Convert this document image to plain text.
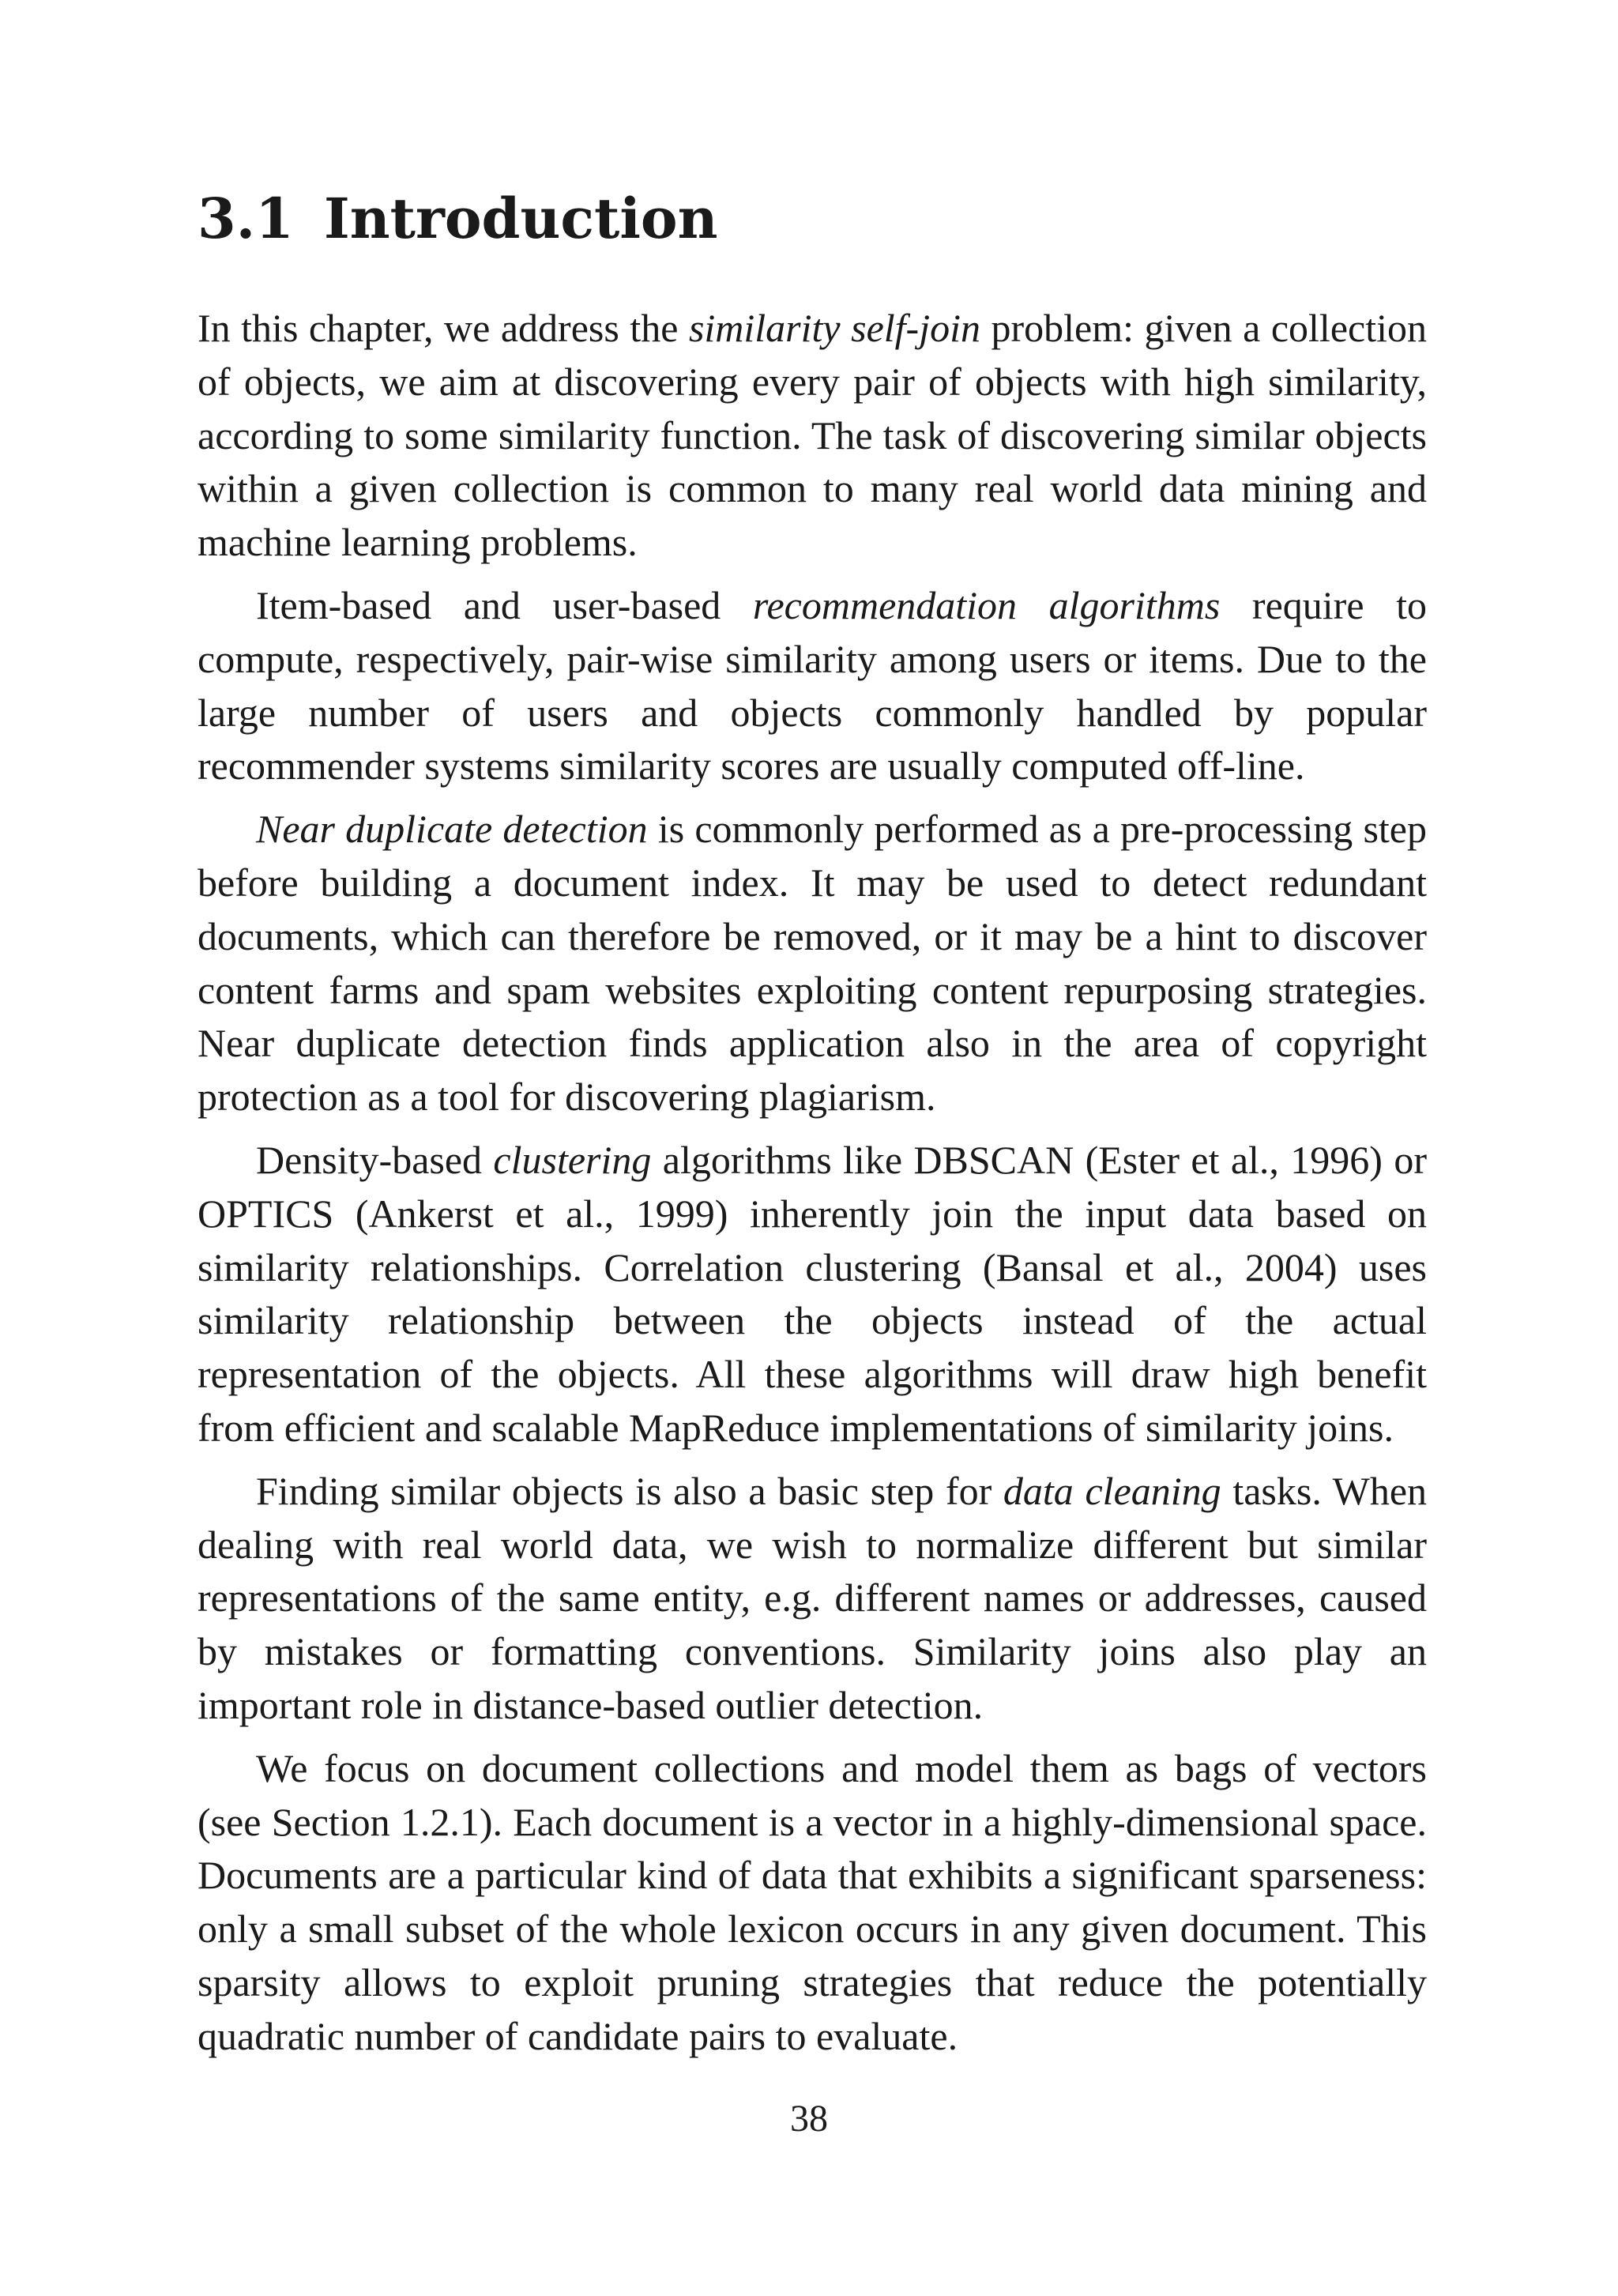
3.1 Introduction

In this chapter, we address the similarity self-join problem: given a collection of objects, we aim at discovering every pair of objects with high similarity, according to some similarity function. The task of discovering similar objects within a given collection is common to many real world data mining and machine learning problems.

Item-based and user-based recommendation algorithms require to compute, respectively, pair-wise similarity among users or items. Due to the large number of users and objects commonly handled by popular recommender systems similarity scores are usually computed off-line.

Near duplicate detection is commonly performed as a pre-processing step before building a document index. It may be used to detect redundant documents, which can therefore be removed, or it may be a hint to discover content farms and spam websites exploiting content repurposing strategies. Near duplicate detection finds application also in the area of copyright protection as a tool for discovering plagiarism.

Density-based clustering algorithms like DBSCAN (Ester et al., 1996) or OPTICS (Ankerst et al., 1999) inherently join the input data based on similarity relationships. Correlation clustering (Bansal et al., 2004) uses similarity relationship between the objects instead of the actual representation of the objects. All these algorithms will draw high benefit from efficient and scalable MapReduce implementations of similarity joins.

Finding similar objects is also a basic step for data cleaning tasks. When dealing with real world data, we wish to normalize different but similar representations of the same entity, e.g. different names or addresses, caused by mistakes or formatting conventions. Similarity joins also play an important role in distance-based outlier detection.

We focus on document collections and model them as bags of vectors (see Section 1.2.1). Each document is a vector in a highly-dimensional space. Documents are a particular kind of data that exhibits a significant sparseness: only a small subset of the whole lexicon occurs in any given document. This sparsity allows to exploit pruning strategies that reduce the potentially quadratic number of candidate pairs to evaluate.

38
